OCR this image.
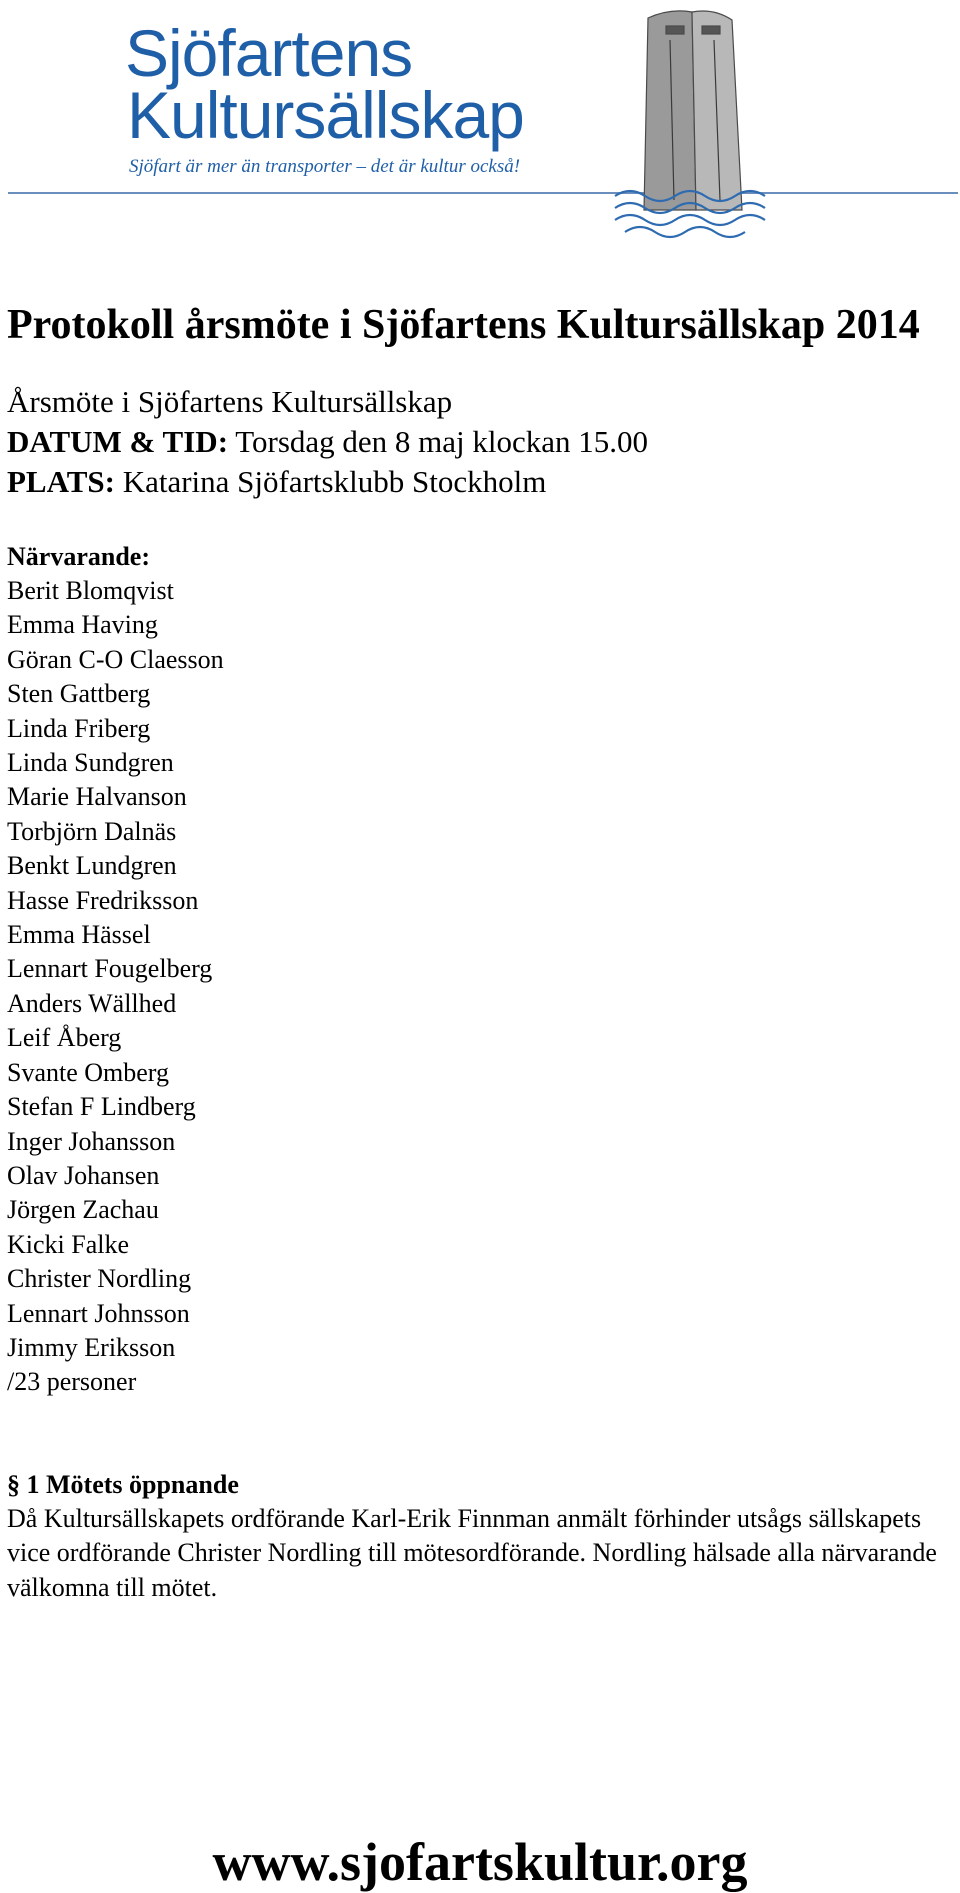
Sjöfartens
Kultursällskap
Sjöfart är mer än transporter – det är kultur också!
Protokoll årsmöte i Sjöfartens Kultursällskap 2014
Årsmöte i Sjöfartens Kultursällskap
DATUM & TID: Torsdag den 8 maj klockan 15.00
PLATS: Katarina Sjöfartsklubb Stockholm
Närvarande:
Berit Blomqvist
Emma Having
Göran C-O Claesson
Sten Gattberg
Linda Friberg
Linda Sundgren
Marie Halvanson
Torbjörn Dalnäs
Benkt Lundgren
Hasse Fredriksson
Emma Hässel
Lennart Fougelberg
Anders Wällhed
Leif Åberg
Svante Omberg
Stefan F Lindberg
Inger Johansson
Olav Johansen
Jörgen Zachau
Kicki Falke
Christer Nordling
Lennart Johnsson
Jimmy Eriksson
/23 personer
§ 1 Mötets öppnande

Då Kultursällskapets ordförande Karl-Erik Finnman anmält förhinder utsågs sällskapets vice ordförande Christer Nordling till mötesordförande. Nordling hälsade alla närvarande välkomna till mötet.

www.sjofartskultur.org
